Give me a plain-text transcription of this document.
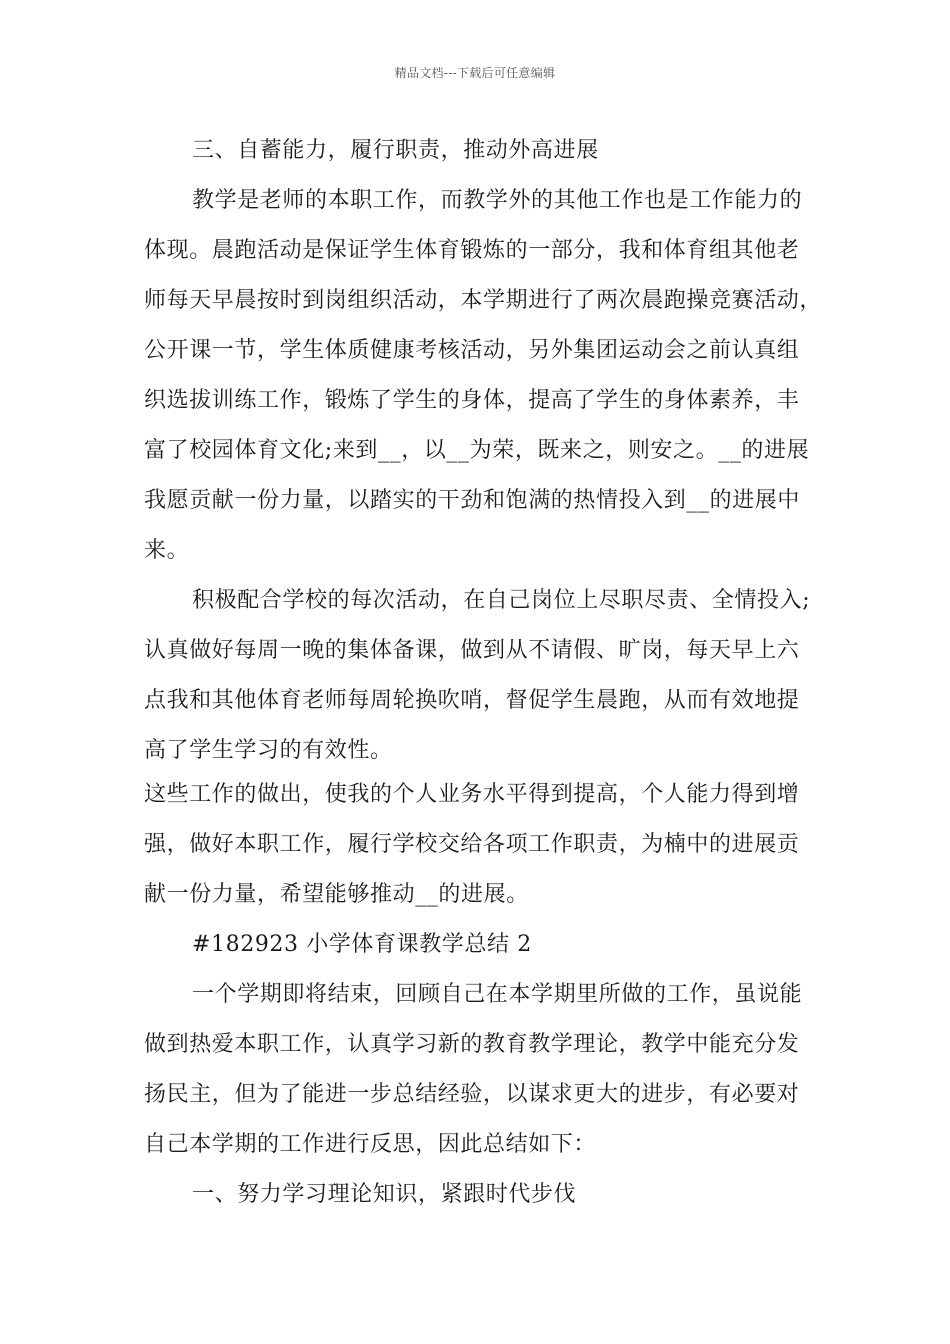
精品文档---下载后可任意编辑
三、自蓄能力，履行职责，推动外高进展
教学是老师的本职工作，而教学外的其他工作也是工作能力的
体现。晨跑活动是保证学生体育锻炼的一部分，我和体育组其他老
师每天早晨按时到岗组织活动，本学期进行了两次晨跑操竞赛活动，
公开课一节，学生体质健康考核活动，另外集团运动会之前认真组
织选拔训练工作，锻炼了学生的身体，提高了学生的身体素养，丰
富了校园体育文化;来到__，以__为荣，既来之，则安之。__的进展
我愿贡献一份力量，以踏实的干劲和饱满的热情投入到__的进展中
来。
积极配合学校的每次活动，在自己岗位上尽职尽责、全情投入;
认真做好每周一晚的集体备课，做到从不请假、旷岗，每天早上六
点我和其他体育老师每周轮换吹哨，督促学生晨跑，从而有效地提
高了学生学习的有效性。
这些工作的做出，使我的个人业务水平得到提高，个人能力得到增
强，做好本职工作，履行学校交给各项工作职责，为楠中的进展贡
献一份力量，希望能够推动__的进展。
#182923 小学体育课教学总结 2
一个学期即将结束，回顾自己在本学期里所做的工作，虽说能
做到热爱本职工作，认真学习新的教育教学理论，教学中能充分发
扬民主，但为了能进一步总结经验，以谋求更大的进步，有必要对
自己本学期的工作进行反思，因此总结如下：
一、努力学习理论知识，紧跟时代步伐
